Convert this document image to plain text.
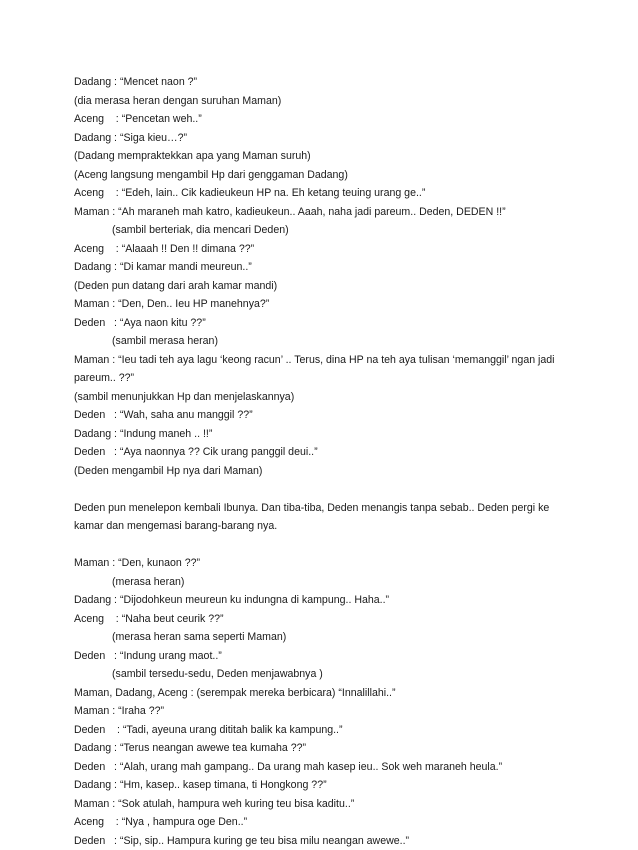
Dadang : “Mencet naon ?”
(dia merasa heran dengan suruhan Maman)
Aceng    : “Pencetan weh..”
Dadang : “Siga kieu…?”
(Dadang mempraktekkan apa yang Maman suruh)
(Aceng langsung mengambil Hp dari genggaman Dadang)
Aceng    : “Edeh, lain.. Cik kadieukeun HP na. Eh ketang teuing urang ge..”
Maman : “Ah maraneh mah katro, kadieukeun.. Aaah, naha jadi pareum.. Deden, DEDEN !!”
(sambil berteriak, dia mencari Deden)
Aceng    : “Alaaah !! Den !! dimana ??”
Dadang : “Di kamar mandi meureun..”
(Deden pun datang dari arah kamar mandi)
Maman : “Den, Den.. Ieu HP manehnya?”
Deden   : “Aya naon kitu ??”
(sambil merasa heran)
Maman : “Ieu tadi teh aya lagu ‘keong racun’ .. Terus, dina HP na teh aya tulisan ‘memanggil’ ngan jadi
pareum.. ??”
(sambil menunjukkan Hp dan menjelaskannya)
Deden   : “Wah, saha anu manggil ??”
Dadang : “Indung maneh .. !!”
Deden   : “Aya naonnya ?? Cik urang panggil deui..”
(Deden mengambil Hp nya dari Maman)
Deden pun menelepon kembali Ibunya. Dan tiba-tiba, Deden menangis tanpa sebab.. Deden pergi ke
kamar dan mengemasi barang-barang nya.
Maman : “Den, kunaon ??”
(merasa heran)
Dadang : “Dijodohkeun meureun ku indungna di kampung.. Haha..”
Aceng    : “Naha beut ceurik ??”
(merasa heran sama seperti Maman)
Deden   : “Indung urang maot..”
(sambil tersedu-sedu, Deden menjawabnya )
Maman, Dadang, Aceng : (serempak mereka berbicara) “Innalillahi..”
Maman : “Iraha ??”
Deden    : “Tadi, ayeuna urang dititah balik ka kampung..”
Dadang : “Terus neangan awewe tea kumaha ??”
Deden   : “Alah, urang mah gampang.. Da urang mah kasep ieu.. Sok weh maraneh heula.”
Dadang : “Hm, kasep.. kasep timana, ti Hongkong ??”
Maman : “Sok atulah, hampura weh kuring teu bisa kaditu..”
Aceng    : “Nya , hampura oge Den..”
Deden   : “Sip, sip.. Hampura kuring ge teu bisa milu neangan awewe..”
